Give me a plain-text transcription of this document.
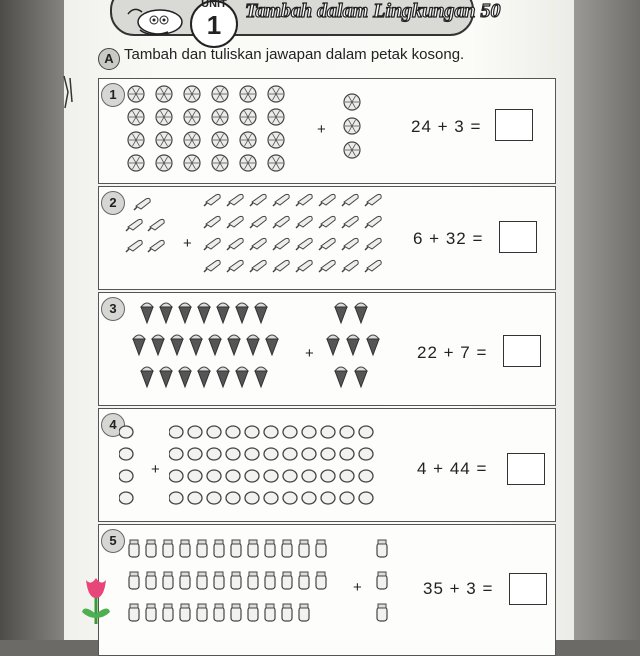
UNIT
1	Tambah dalam Lingkungan 50
A Tambah dan tuliskan jawapan dalam petak kosong.
1
+	24 + 3 =
2
+	6 + 32 =
3
+	22 + 7 =
4
+	4 + 44 =
5
+	35 + 3 =
